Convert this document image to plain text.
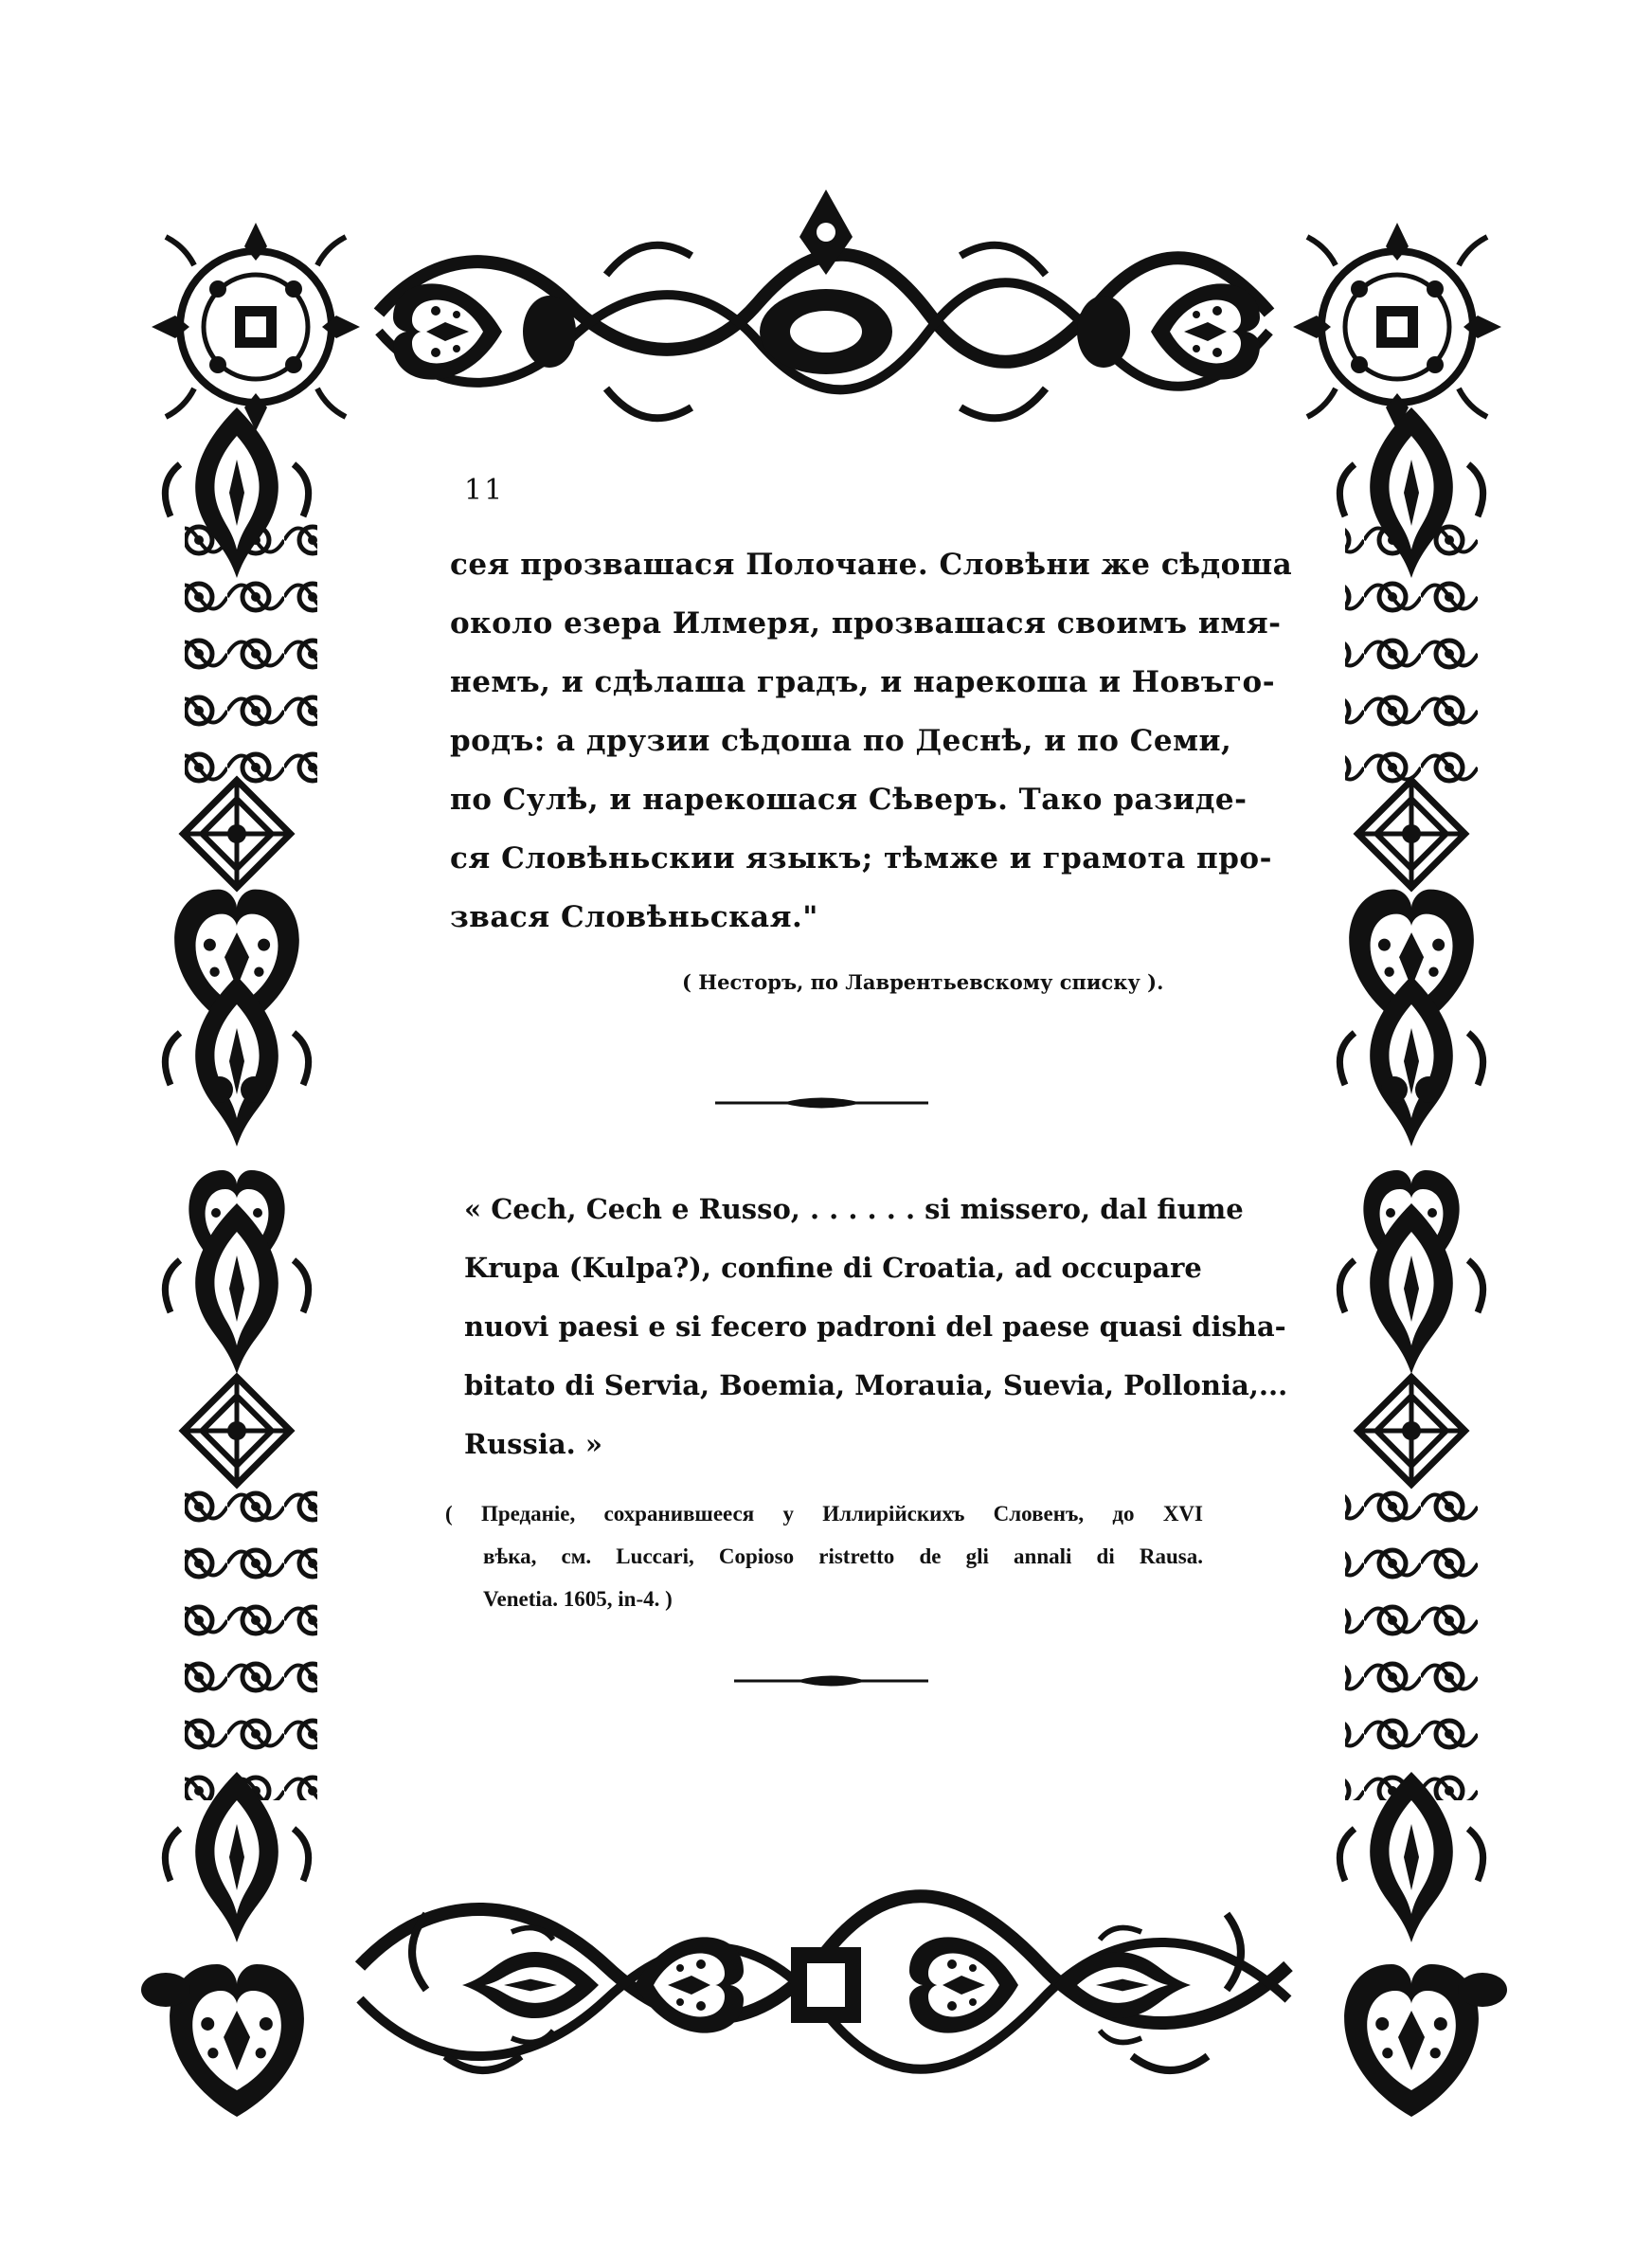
11
сея прозвашася Полочане. Словѣни же сѣдоша
около езера Илмеря, прозвашася своимъ имя-
немъ, и сдѣлаша градъ, и нарекоша и Новъго-
родъ: а друзии сѣдоша по Деснѣ, и по Семи,
по Сулѣ, и нарекошася Сѣверъ. Тако разиде-
ся Словѣньскии языкъ; тѣмже и грамота про-
звася Словѣньская."
( Несторъ, по Лаврентьевскому списку ).
« Cech, Cech e Russo, . . . . . . si missero, dal fiume
Krupa (Kulpa?), confine di Croatia, ad occupare
nuovi paesi e si fecero padroni del paese quasi disha-
bitato di Servia, Boemia, Morauia, Suevia, Pollonia,...
Russia. »
( Преданіе, сохранившееся у Иллирійскихъ Словенъ, до XVI
вѣка, см. Luccari, Copioso ristretto de gli annali di Rausa.
Venetia. 1605, in-4. )
